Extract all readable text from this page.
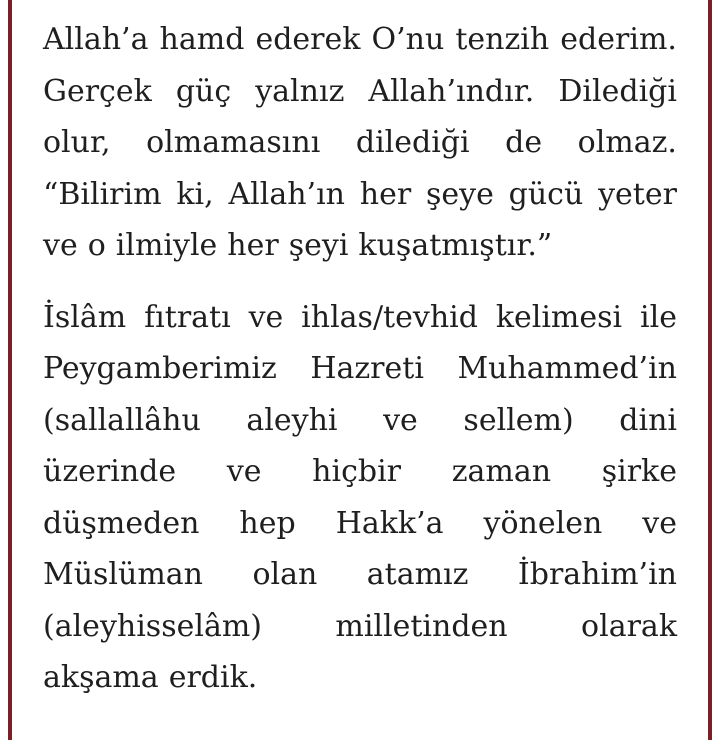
Allah’a hamd ederek O’nu tenzih ederim.
Gerçek güç yalnız Allah’ındır. Dilediği
olur, olmamasını dilediği de olmaz.
“Bilirim ki, Allah’ın her şeye gücü yeter
ve o ilmiyle her şeyi kuşatmıştır.”
İslâm fıtratı ve ihlas/tevhid kelimesi ile
Peygamberimiz Hazreti Muhammed’in
(sallallâhu aleyhi ve sellem) dini
üzerinde ve hiçbir zaman şirke
düşmeden hep Hakk’a yönelen ve
Müslüman olan atamız İbrahim’in
(aleyhisselâm) milletinden olarak
akşama erdik.
